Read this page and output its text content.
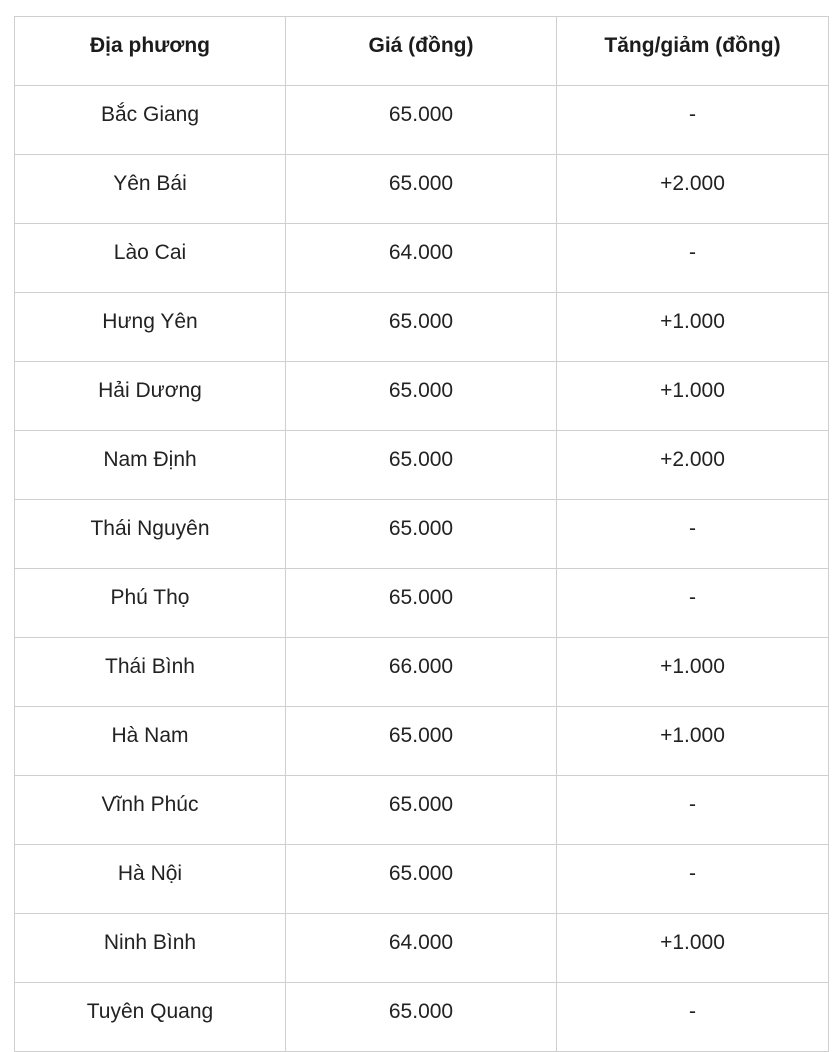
Địa phương	Giá (đồng)	Tăng/giảm (đồng)
Bắc Giang	65.000	-
Yên Bái	65.000	+2.000
Lào Cai	64.000	-
Hưng Yên	65.000	+1.000
Hải Dương	65.000	+1.000
Nam Định	65.000	+2.000
Thái Nguyên	65.000	-
Phú Thọ	65.000	-
Thái Bình	66.000	+1.000
Hà Nam	65.000	+1.000
Vĩnh Phúc	65.000	-
Hà Nội	65.000	-
Ninh Bình	64.000	+1.000
Tuyên Quang	65.000	-
